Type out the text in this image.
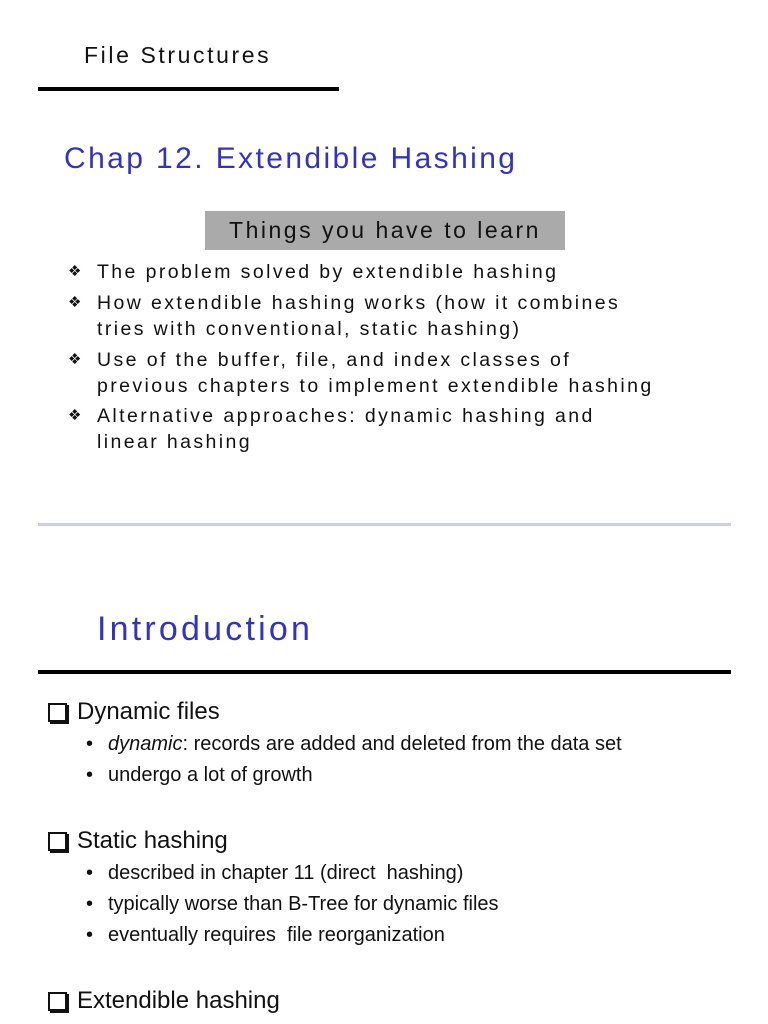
File Structures
Chap 12. Extendible Hashing
Things you have to learn
❖ The problem solved by extendible hashing
❖ How extendible hashing works (how it combines
tries with conventional, static hashing)
❖ Use of the buffer, file, and index classes of
previous chapters to implement extendible hashing
❖ Alternative approaches: dynamic hashing and
linear hashing
Introduction
Dynamic files
• dynamic: records are added and deleted from the data set
• undergo a lot of growth
Static hashing
• described in chapter 11 (direct  hashing)
• typically worse than B-Tree for dynamic files
• eventually requires  file reorganization
Extendible hashing
